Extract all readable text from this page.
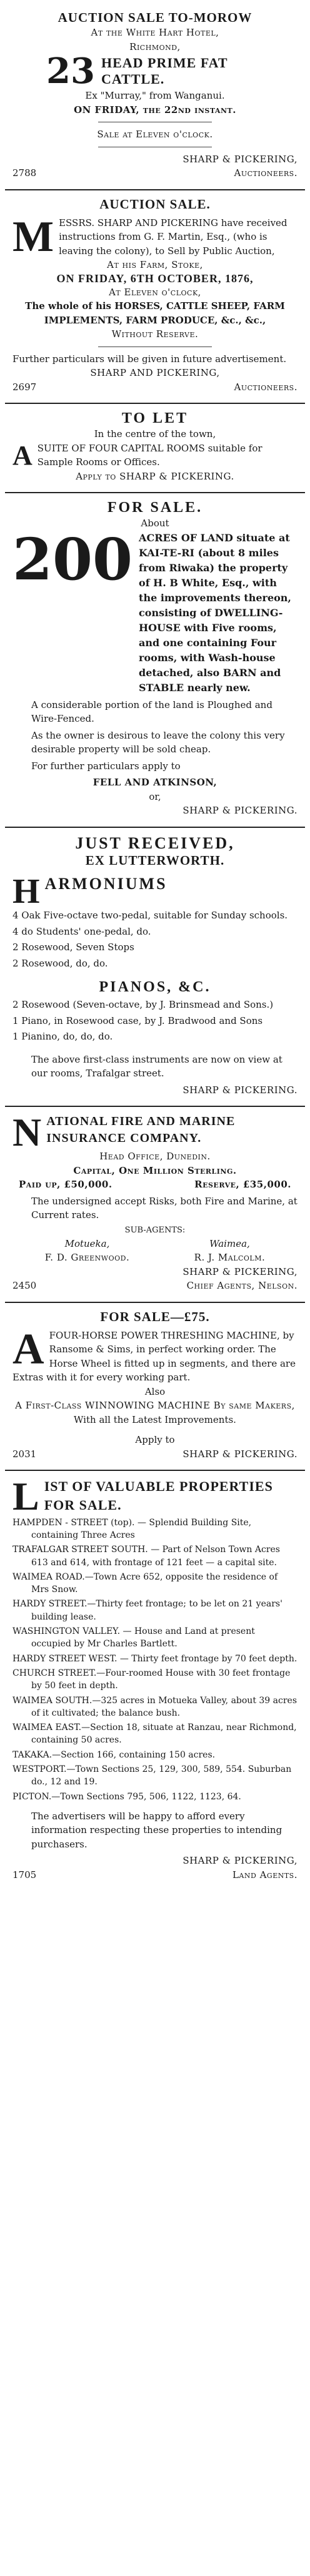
AUCTION SALE TO-MOROW
At the White Hart Hotel,
Richmond,
23 HEAD PRIME FAT CATTLE.
Ex "Murray," from Wanganui.
ON FRIDAY, the 22nd instant.
Sale at Eleven o'clock.
SHARP & PICKERING,
2788	Auctioneers.
AUCTION SALE.
M ESSRS. SHARP AND PICKERING have received instructions from G. F. Martin, Esq., (who is leaving the colony), to Sell by Public Auction,
At his Farm, Stoke,
ON FRIDAY, 6TH OCTOBER, 1876,
At Eleven o'clock,
The whole of his HORSES, CATTLE SHEEP, FARM IMPLEMENTS, FARM PRODUCE, &c., &c.,
Without Reserve.
Further particulars will be given in future advertisement.
SHARP AND PICKERING,
2697	Auctioneers.
TO LET
In the centre of the town,
A SUITE OF FOUR CAPITAL ROOMS suitable for Sample Rooms or Offices.
Apply to SHARP & PICKERING.
FOR SALE.
About
200 ACRES OF LAND situate at KAI-TE-RI (about 8 miles from Riwaka) the property of H. B White, Esq., with the improvements thereon, consisting of DWELLING-HOUSE with Five rooms, and one containing Four rooms, with Wash-house detached, also BARN and STABLE nearly new.

A considerable portion of the land is Ploughed and Wire-Fenced.

As the owner is desirous to leave the colony this very desirable property will be sold cheap.

For further particulars apply to

FELL AND ATKINSON,
or,
SHARP & PICKERING.
JUST RECEIVED,
EX LUTTERWORTH.
H ARMONIUMS
4 Oak Five-octave two-pedal, suitable for Sunday schools.
4 do Students' one-pedal, do.
2 Rosewood, Seven Stops
2 Rosewood, do, do.
PIANOS, &C.
2 Rosewood (Seven-octave, by J. Brinsmead and Sons.)
1 Piano, in Rosewood case, by J. Bradwood and Sons
1 Pianino, do, do, do.

The above first-class instruments are now on view at our rooms, Trafalgar street.

SHARP & PICKERING.
N ATIONAL FIRE AND MARINE INSURANCE COMPANY.
Head Office, Dunedin.
Capital, One Million Sterling.
Paid up, £50,000.	Reserve, £35,000.

The undersigned accept Risks, both Fire and Marine, at Current rates.

SUB-AGENTS:
Motueka,
F. D. Greenwood.
Waimea,
R. J. Malcolm.
SHARP & PICKERING,
2450	Chief Agents, Nelson.
FOR SALE—£75.
A FOUR-HORSE POWER THRESHING MACHINE, by Ransome & Sims, in perfect working order. The Horse Wheel is fitted up in segments, and there are Extras with it for every working part.
Also
A First-Class WINNOWING MACHINE By same Makers,
With all the Latest Improvements.
Apply to
2031	SHARP & PICKERING.
L IST OF VALUABLE PROPERTIES FOR SALE.
HAMPDEN - STREET (top). — Splendid Building Site, containing Three Acres
TRAFALGAR STREET SOUTH. — Part of Nelson Town Acres 613 and 614, with frontage of 121 feet — a capital site.
WAIMEA ROAD.—Town Acre 652, opposite the residence of Mrs Snow.
HARDY STREET.—Thirty feet frontage; to be let on 21 years' building lease.
WASHINGTON VALLEY. — House and Land at present occupied by Mr Charles Bartlett.
HARDY STREET WEST. — Thirty feet frontage by 70 feet depth.
CHURCH STREET.—Four-roomed House with 30 feet frontage by 50 feet in depth.
WAIMEA SOUTH.—325 acres in Motueka Valley, about 39 acres of it cultivated; the balance bush.
WAIMEA EAST.—Section 18, situate at Ranzau, near Richmond, containing 50 acres.
TAKAKA.—Section 166, containing 150 acres.
WESTPORT.—Town Sections 25, 129, 300, 589, 554. Suburban do., 12 and 19.
PICTON.—Town Sections 795, 506, 1122, 1123, 64.

The advertisers will be happy to afford every information respecting these properties to intending purchasers.

SHARP & PICKERING,
1705	Land Agents.
